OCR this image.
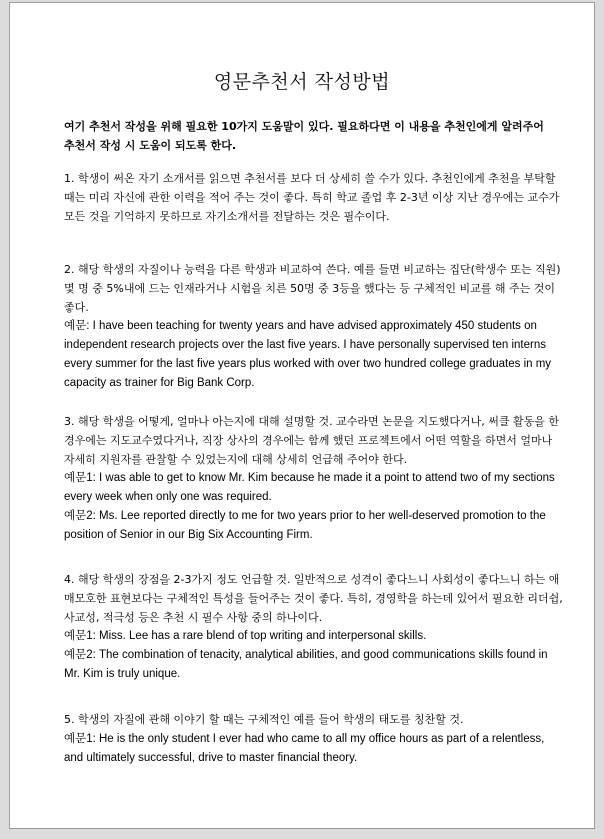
영문추천서 작성방법
여기 추천서 작성을 위해 필요한 10가지 도움말이 있다. 필요하다면 이 내용을 추천인에게 알려주어 추천서 작성 시 도움이 되도록 한다.

1. 학생이 써온 자기 소개서를 읽으면 추천서를 보다 더 상세히 쓸 수가 있다. 추천인에게 추천을 부탁할 때는 미리 자신에 관한 이력을 적어 주는 것이 좋다. 특히 학교 졸업 후 2-3년 이상 지난 경우에는 교수가 모든 것을 기억하지 못하므로 자기소개서를 전달하는 것은 필수이다.

2. 해당 학생의 자질이나 능력을 다른 학생과 비교하여 쓴다. 예를 들면 비교하는 집단(학생수 또는 직원) 몇 명 중 5%내에 드는 인재라거나 시험을 치른 50명 중 3등을 했다는 등 구체적인 비교를 해 주는 것이 좋다.

예문: I have been teaching for twenty years and have advised approximately 450 students on independent research projects over the last five years. I have personally supervised ten interns every summer for the last five years plus worked with over two hundred college graduates in my capacity as trainer for Big Bank Corp.

3. 해당 학생을 어떻게, 얼마나 아는지에 대해 설명할 것. 교수라면 논문을 지도했다거나, 써클 활동을 한 경우에는 지도교수였다거나, 직장 상사의 경우에는 함께 했던 프로젝트에서 어떤 역할을 하면서 얼마나 자세히 지원자를 관찰할 수 있었는지에 대해 상세히 언급해 주어야 한다.

예문1: I was able to get to know Mr. Kim because he made it a point to attend two of my sections every week when only one was required.

예문2: Ms. Lee reported directly to me for two years prior to her well-deserved promotion to the position of Senior in our Big Six Accounting Firm.

4. 해당 학생의 장점을 2-3가지 정도 언급할 것. 일반적으로 성격이 좋다느니 사회성이 좋다느니 하는 애매모호한 표현보다는 구체적인 특성을 들어주는 것이 좋다. 특히, 경영학을 하는데 있어서 필요한 리더쉽, 사교성, 적극성 등은 추천 시 필수 사항 중의 하나이다.

예문1: Miss. Lee has a rare blend of top writing and interpersonal skills.

예문2: The combination of tenacity, analytical abilities, and good communications skills found in Mr. Kim is truly unique.

5. 학생의 자질에 관해 이야기 할 때는 구체적인 예를 들어 학생의 태도를 칭찬할 것.

예문1: He is the only student I ever had who came to all my office hours as part of a relentless, and ultimately successful, drive to master financial theory.
